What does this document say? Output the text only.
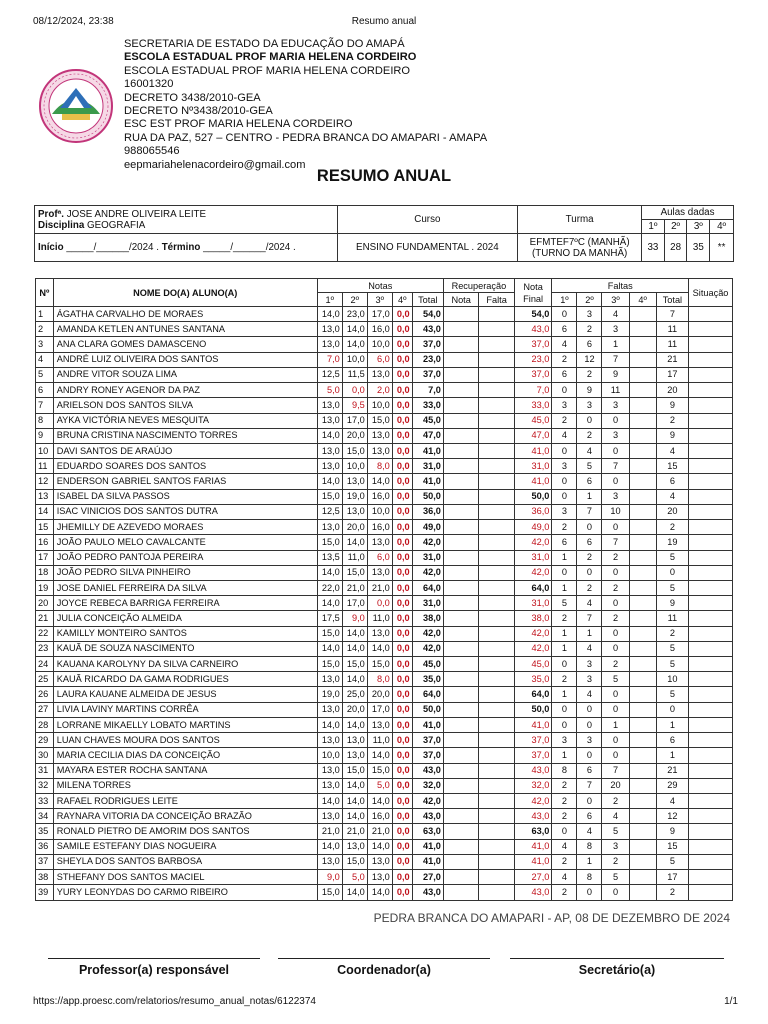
08/12/2024, 23:38	Resumo anual
SECRETARIA DE ESTADO DA EDUCAÇÃO DO AMAPÁ
ESCOLA ESTADUAL PROF MARIA HELENA CORDEIRO
ESCOLA ESTADUAL PROF MARIA HELENA CORDEIRO
16001320
DECRETO 3438/2010-GEA
DECRETO Nº3438/2010-GEA
ESC EST PROF MARIA HELENA CORDEIRO
RUA DA PAZ, 527 – CENTRO - PEDRA BRANCA DO AMAPARI - AMAPA
988065546
eepmariahelenacordeiro@gmail.com
RESUMO ANUAL
Profª. JOSE ANDRE OLIVEIRA LEITE
Disciplina GEOGRAFIA	Curso	Turma	Aulas dadas			
			1º	2º	3º	4º
Início _____/______/2024 . Término _____/______/2024 .	ENSINO FUNDAMENTAL . 2024	EFMTEF7ºC (MANHÃ) (TURNO DA MANHÃ)	33	28	35	**
Nº	NOME DO(A) ALUNO(A)	Notas					Recuperação		Nota Final	Faltas					Situação
		1º	2º	3º	4º	Total	Nota	Falta		1º	2º	3º	4º	Total	
1	ÁGATHA CARVALHO DE MORAES	14,0	23,0	17,0	0,0	54,0			54,0	0	3	4		7	
2	AMANDA KETLEN ANTUNES SANTANA	13,0	14,0	16,0	0,0	43,0			43,0	6	2	3		11	
3	ANA CLARA GOMES DAMASCENO	13,0	14,0	10,0	0,0	37,0			37,0	4	6	1		11	
4	ANDRÉ LUIZ OLIVEIRA DOS SANTOS	7,0	10,0	6,0	0,0	23,0			23,0	2	12	7		21	
5	ANDRE VITOR SOUZA LIMA	12,5	11,5	13,0	0,0	37,0			37,0	6	2	9		17	
6	ANDRY RONEY AGENOR DA PAZ	5,0	0,0	2,0	0,0	7,0			7,0	0	9	11		20	
7	ARIELSON DOS SANTOS SILVA	13,0	9,5	10,0	0,0	33,0			33,0	3	3	3		9	
8	AYKA VICTÓRIA NEVES MESQUITA	13,0	17,0	15,0	0,0	45,0			45,0	2	0	0		2	
9	BRUNA CRISTINA NASCIMENTO TORRES	14,0	20,0	13,0	0,0	47,0			47,0	4	2	3		9	
10	DAVI SANTOS DE ARAÚJO	13,0	15,0	13,0	0,0	41,0			41,0	0	4	0		4	
11	EDUARDO SOARES DOS SANTOS	13,0	10,0	8,0	0,0	31,0			31,0	3	5	7		15	
12	ENDERSON GABRIEL SANTOS FARIAS	14,0	13,0	14,0	0,0	41,0			41,0	0	6	0		6	
13	ISABEL DA SILVA PASSOS	15,0	19,0	16,0	0,0	50,0			50,0	0	1	3		4	
14	ISAC VINICIOS DOS SANTOS DUTRA	12,5	13,0	10,0	0,0	36,0			36,0	3	7	10		20	
15	JHEMILLY DE AZEVEDO MORAES	13,0	20,0	16,0	0,0	49,0			49,0	2	0	0		2	
16	JOÃO PAULO MELO CAVALCANTE	15,0	14,0	13,0	0,0	42,0			42,0	6	6	7		19	
17	JOÃO PEDRO PANTOJA PEREIRA	13,5	11,0	6,0	0,0	31,0			31,0	1	2	2		5	
18	JOÃO PEDRO SILVA PINHEIRO	14,0	15,0	13,0	0,0	42,0			42,0	0	0	0		0	
19	JOSE DANIEL FERREIRA DA SILVA	22,0	21,0	21,0	0,0	64,0			64,0	1	2	2		5	
20	JOYCE REBECA BARRIGA FERREIRA	14,0	17,0	0,0	0,0	31,0			31,0	5	4	0		9	
21	JULIA CONCEIÇÃO ALMEIDA	17,5	9,0	11,0	0,0	38,0			38,0	2	7	2		11	
22	KAMILLY MONTEIRO SANTOS	15,0	14,0	13,0	0,0	42,0			42,0	1	1	0		2	
23	KAUÃ DE SOUZA NASCIMENTO	14,0	14,0	14,0	0,0	42,0			42,0	1	4	0		5	
24	KAUANA KAROLYNY DA SILVA CARNEIRO	15,0	15,0	15,0	0,0	45,0			45,0	0	3	2		5	
25	KAUÃ RICARDO DA GAMA RODRIGUES	13,0	14,0	8,0	0,0	35,0			35,0	2	3	5		10	
26	LAURA KAUANE ALMEIDA DE JESUS	19,0	25,0	20,0	0,0	64,0			64,0	1	4	0		5	
27	LIVIA LAVINY MARTINS CORRÊA	13,0	20,0	17,0	0,0	50,0			50,0	0	0	0		0	
28	LORRANE MIKAELLY LOBATO MARTINS	14,0	14,0	13,0	0,0	41,0			41,0	0	0	1		1	
29	LUAN CHAVES MOURA DOS SANTOS	13,0	13,0	11,0	0,0	37,0			37,0	3	3	0		6	
30	MARIA CECILIA DIAS DA CONCEIÇÃO	10,0	13,0	14,0	0,0	37,0			37,0	1	0	0		1	
31	MAYARA ESTER ROCHA SANTANA	13,0	15,0	15,0	0,0	43,0			43,0	8	6	7		21	
32	MILENA TORRES	13,0	14,0	5,0	0,0	32,0			32,0	2	7	20		29	
33	RAFAEL RODRIGUES LEITE	14,0	14,0	14,0	0,0	42,0			42,0	2	0	2		4	
34	RAYNARA VITORIA DA CONCEIÇÃO BRAZÃO	13,0	14,0	16,0	0,0	43,0			43,0	2	6	4		12	
35	RONALD PIETRO DE AMORIM DOS SANTOS	21,0	21,0	21,0	0,0	63,0			63,0	0	4	5		9	
36	SAMILE ESTEFANY DIAS NOGUEIRA	14,0	13,0	14,0	0,0	41,0			41,0	4	8	3		15	
37	SHEYLA DOS SANTOS BARBOSA	13,0	15,0	13,0	0,0	41,0			41,0	2	1	2		5	
38	STHEFANY DOS SANTOS MACIEL	9,0	5,0	13,0	0,0	27,0			27,0	4	8	5		17	
39	YURY LEONYDAS DO CARMO RIBEIRO	15,0	14,0	14,0	0,0	43,0			43,0	2	0	0		2	
PEDRA BRANCA DO AMAPARI - AP, 08 DE DEZEMBRO DE 2024
Professor(a) responsável	Coordenador(a)	Secretário(a)
https://app.proesc.com/relatorios/resumo_anual_notas/6122374	1/1
